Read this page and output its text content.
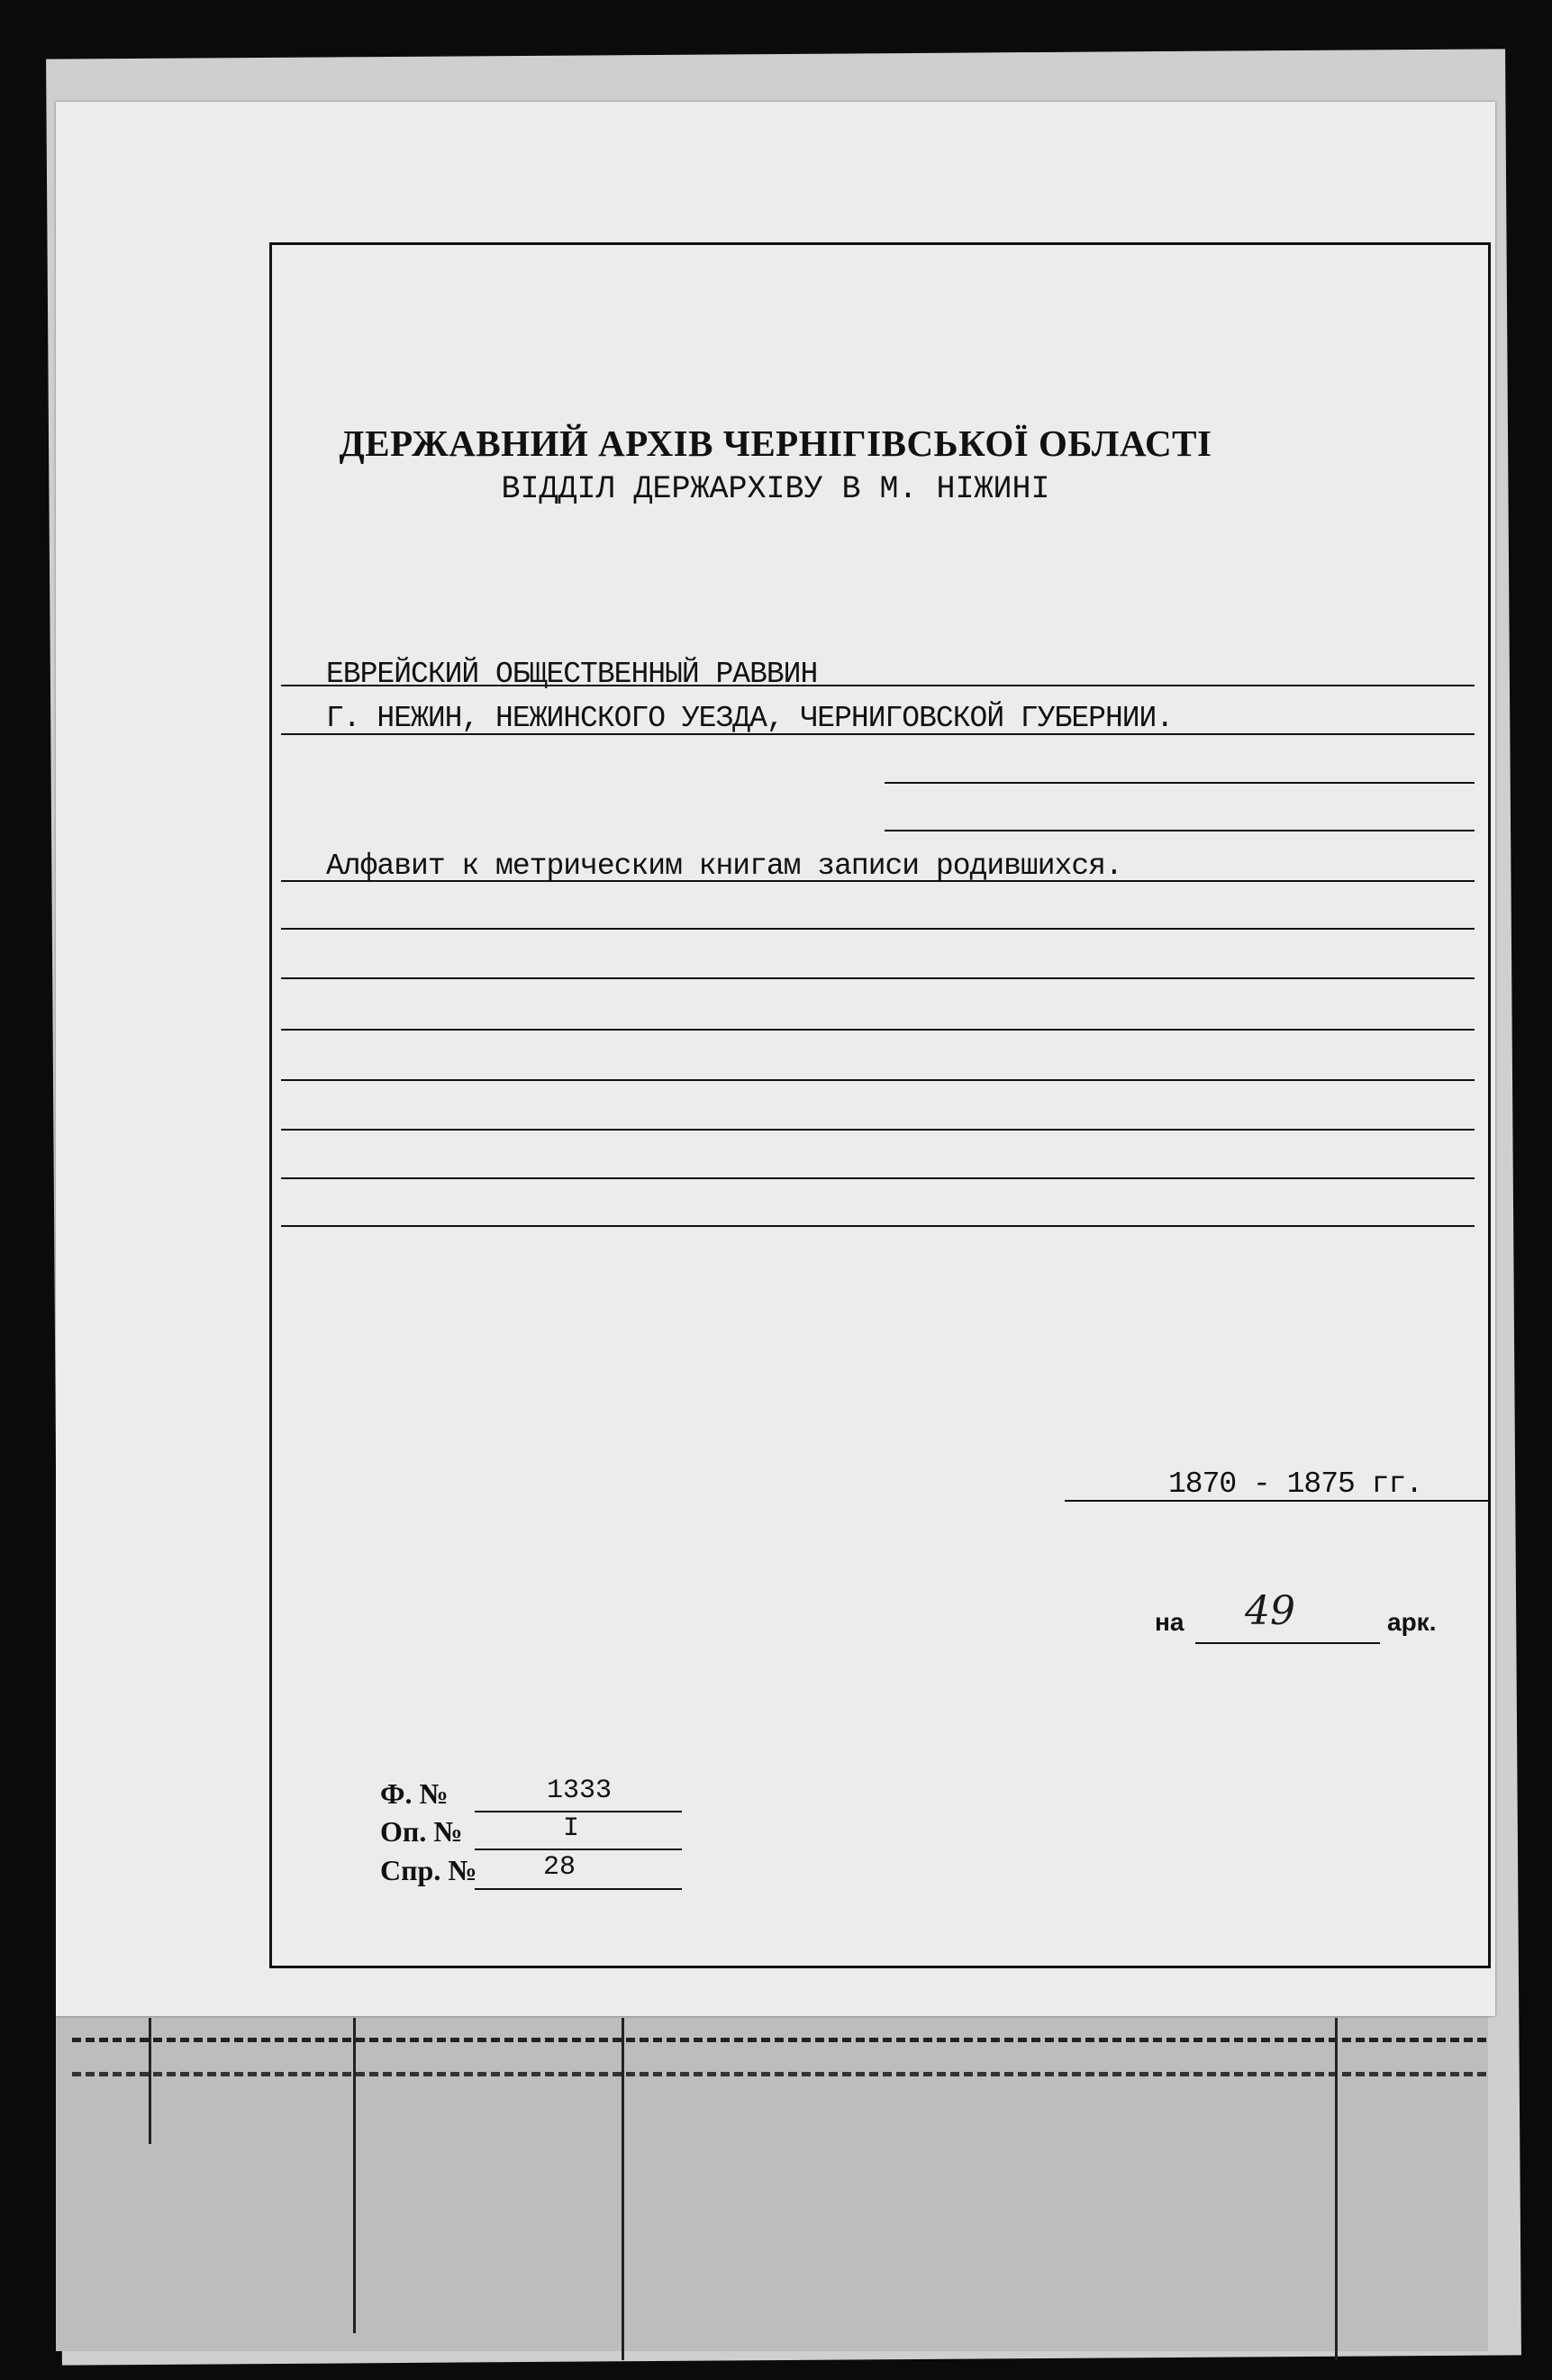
ДЕРЖАВНИЙ АРХІВ ЧЕРНІГІВСЬКОЇ ОБЛАСТІ
ВІДДІЛ ДЕРЖАРХІВУ В М. НІЖИНІ
ЕВРЕЙСКИЙ ОБЩЕСТВЕННЫЙ РАВВИН
Г. НЕЖИН, НЕЖИНСКОГО УЕЗДА, ЧЕРНИГОВСКОЙ ГУБЕРНИИ.
Алфавит к метрическим книгам записи родившихся.
1870 - 1875 гг.
на 49	арк.
Ф. №	1333
Оп. №	I
Спр. № 28
